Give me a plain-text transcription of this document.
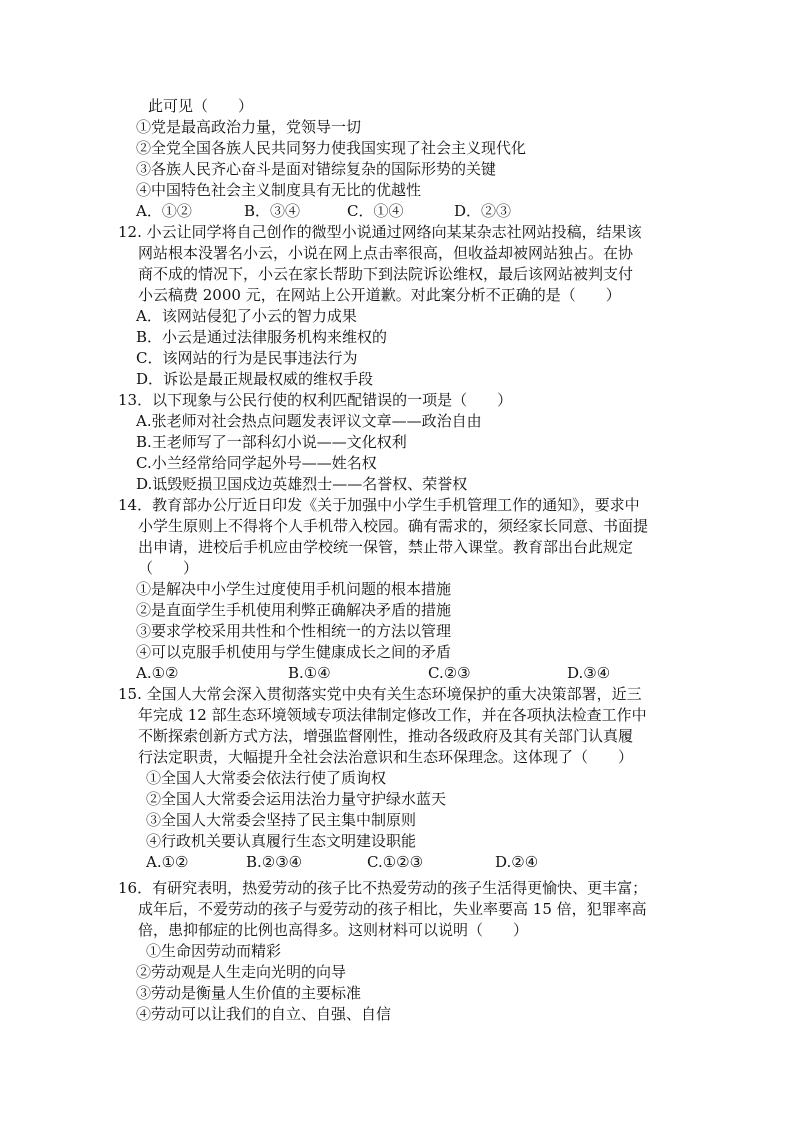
此可见（　　）
①党是最高政治力量，党领导一切
②全党全国各族人民共同努力使我国实现了社会主义现代化
③各族人民齐心奋斗是面对错综复杂的国际形势的关键
④中国特色社会主义制度具有无比的优越性
A．①②	B．③④	C．①④	D．②③
12. 小云让同学将自己创作的微型小说通过网络向某某杂志社网站投稿，结果该
网站根本没署名小云，小说在网上点击率很高，但收益却被网站独占。在协
商不成的情况下，小云在家长帮助下到法院诉讼维权，最后该网站被判支付
小云稿费 2000 元，在网站上公开道歉。对此案分析不正确的是（　　）
A．该网站侵犯了小云的智力成果
B．小云是通过法律服务机构来维权的
C．该网站的行为是民事违法行为
D．诉讼是最正规最权威的维权手段
13．以下现象与公民行使的权利匹配错误的一项是（　　）
A.张老师对社会热点问题发表评议文章——政治自由
B.王老师写了一部科幻小说——文化权利
C.小兰经常给同学起外号——姓名权
D.诋毁贬损卫国戍边英雄烈士——名誉权、荣誉权
14．教育部办公厅近日印发《关于加强中小学生手机管理工作的通知》，要求中
小学生原则上不得将个人手机带入校园。确有需求的，须经家长同意、书面提
出申请，进校后手机应由学校统一保管，禁止带入课堂。教育部出台此规定
（　　）
①是解决中小学生过度使用手机问题的根本措施
②是直面学生手机使用利弊正确解决矛盾的措施
③要求学校采用共性和个性相统一的方法以管理
④可以克服手机使用与学生健康成长之间的矛盾
A.①②	B.①④	C.②③	D.③④
15. 全国人大常会深入贯彻落实党中央有关生态环境保护的重大决策部署，近三
年完成 12 部生态环境领域专项法律制定修改工作，并在各项执法检查工作中
不断探索创新方式方法，增强监督刚性，推动各级政府及其有关部门认真履
行法定职责，大幅提升全社会法治意识和生态环保理念。这体现了（　　）
①全国人大常委会依法行使了质询权
②全国人大常委会运用法治力量守护绿水蓝天
③全国人大常委会坚持了民主集中制原则
④行政机关要认真履行生态文明建设职能
A.①②	B.②③④	C.①②③	D.②④
16．有研究表明，热爱劳动的孩子比不热爱劳动的孩子生活得更愉快、更丰富；
成年后，不爱劳动的孩子与爱劳动的孩子相比，失业率要高 15 倍，犯罪率高
倍，患抑郁症的比例也高得多。这则材料可以说明（　　）
①生命因劳动而精彩
②劳动观是人生走向光明的向导
③劳动是衡量人生价值的主要标准
④劳动可以让我们的自立、自强、自信
